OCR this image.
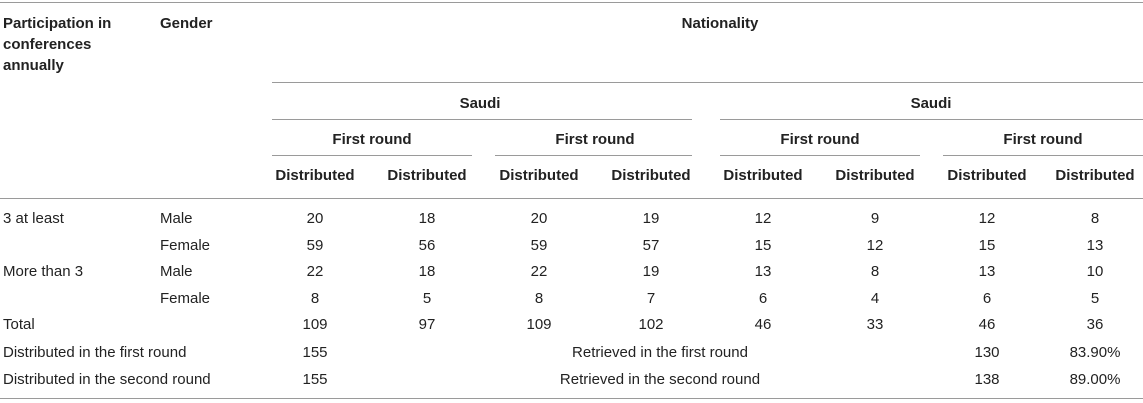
Participation in
conferences
annually
Gender	Nationality
Saudi	Saudi
First round	First round	First round	First round
Distributed	Distributed	Distributed	Distributed	Distributed	Distributed	Distributed	Distributed
3 at least	Male	20	18	20	19	12	9	12	8
Female	59	56	59	57	15	12	15	13
More than 3	Male	22	18	22	19	13	8	13	10
Female	8	5	8	7	6	4	6	5
Total	109	97	109	102	46	33	46	36
Distributed in the first round	155	Retrieved in the first round	130	83.90%
Distributed in the second round	155	Retrieved in the second round	138	89.00%
